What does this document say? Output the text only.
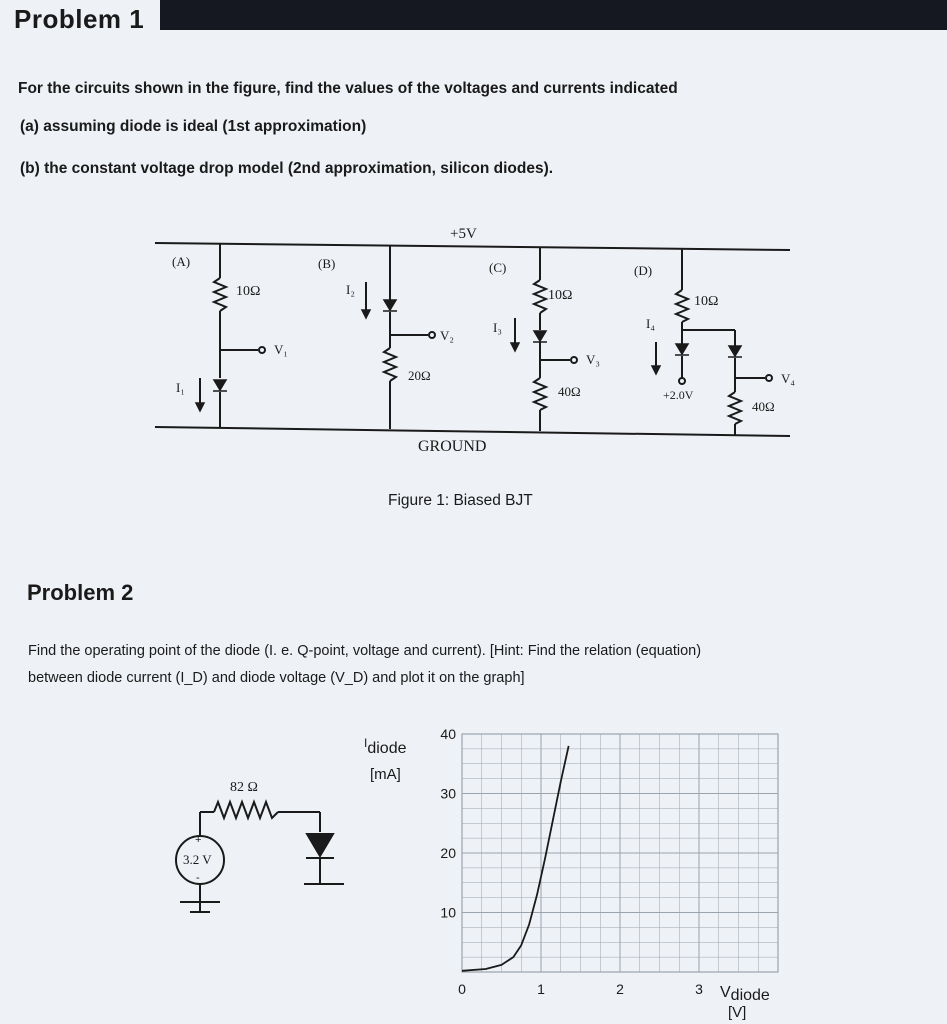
Problem 1

For the circuits shown in the figure, find the values of the voltages and currents indicated

(a) assuming diode is ideal (1st approximation)

(b) the constant voltage drop model (2nd approximation, silicon diodes).

(A)	(B)	(C)	(D)
+5V
GROUND
10Ω
V₁
I₁
I₂
V₂
20Ω
10Ω
I₃
V₃
40Ω
10Ω
I₄
+2.0V
V₄
40Ω
Figure 1: Biased BJT
Problem 2
Find the operating point of the diode (I. e. Q-point, voltage and current). [Hint: Find the relation (equation)
between diode current (I_D) and diode voltage (V_D) and plot it on the graph]
82 Ω
3.2 V
+
-
0	1	2	3
10
20
30
40
$^I$diode
[mA]
Vdiode
[V]
